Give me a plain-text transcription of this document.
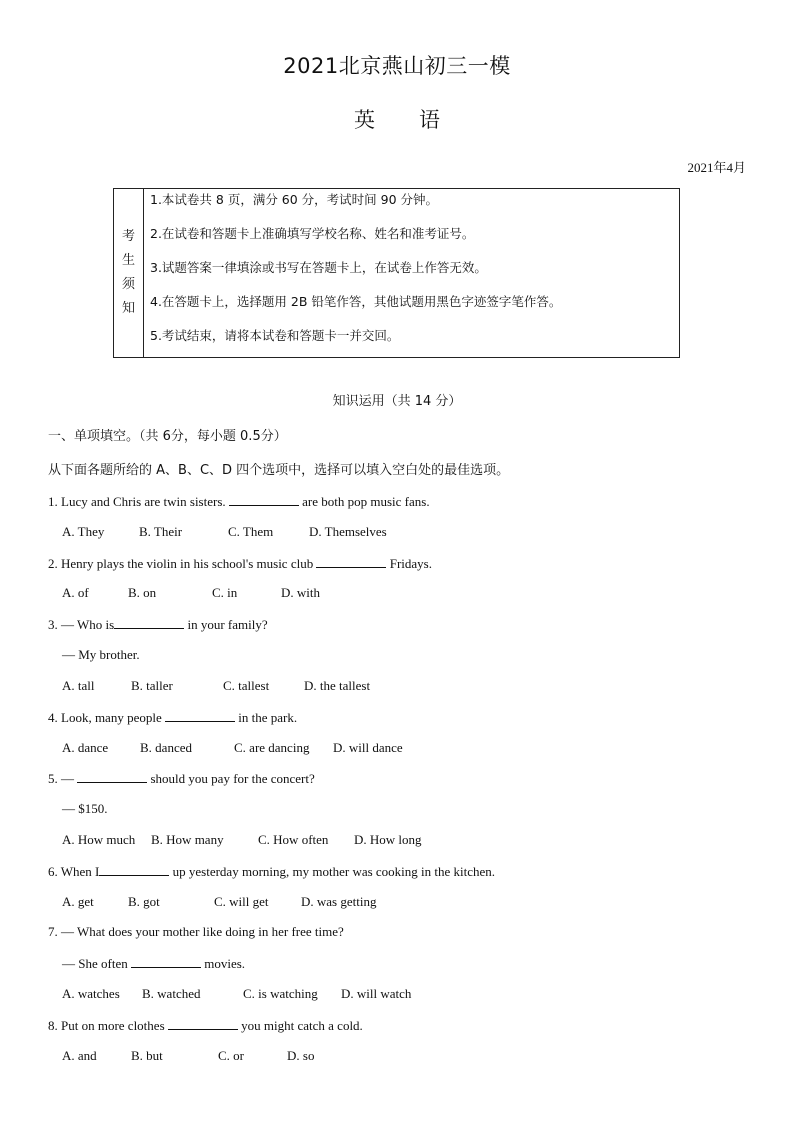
2021北京燕山初三一模
英语
2021年4月
考
生
须
知
1.本试卷共 8 页，满分 60 分，考试时间 90 分钟。
2.在试卷和答题卡上准确填写学校名称、姓名和准考证号。
3.试题答案一律填涂或书写在答题卡上，在试卷上作答无效。
4.在答题卡上，选择题用 2B 铅笔作答，其他试题用黑色字迹签字笔作答。
5.考试结束，请将本试卷和答题卡一并交回。
知识运用（共 14 分）
一、单项填空。（共 6分，每小题 0.5分）
从下面各题所给的 A、B、C、D 四个选项中，选择可以填入空白处的最佳选项。
1. Lucy and Chris are twin sisters.	are both pop music fans.
A. They	B. Their	C. Them	D. Themselves
2. Henry plays the violin in his school's music club	Fridays.
A. of	B. on	C. in	D. with
3. — Who is	in your family?
— My brother.
A. tall	B. taller	C. tallest	D. the tallest
4. Look, many people	in the park.
A. dance B. danced	C. are dancing D. will dance
5. —	should you pay for the concert?
— $150.
A. How much B. How many	C. How often D. How long
6. When I	up yesterday morning, my mother was cooking in the kitchen.
A. get	B. got	C. will get D. was getting
7. — What does your mother like doing in her free time?
— She often	movies.
A. watches B. watched	C. is watching D. will watch
8. Put on more clothes	you might catch a cold.
A. and	B. but	C. or	D. so
